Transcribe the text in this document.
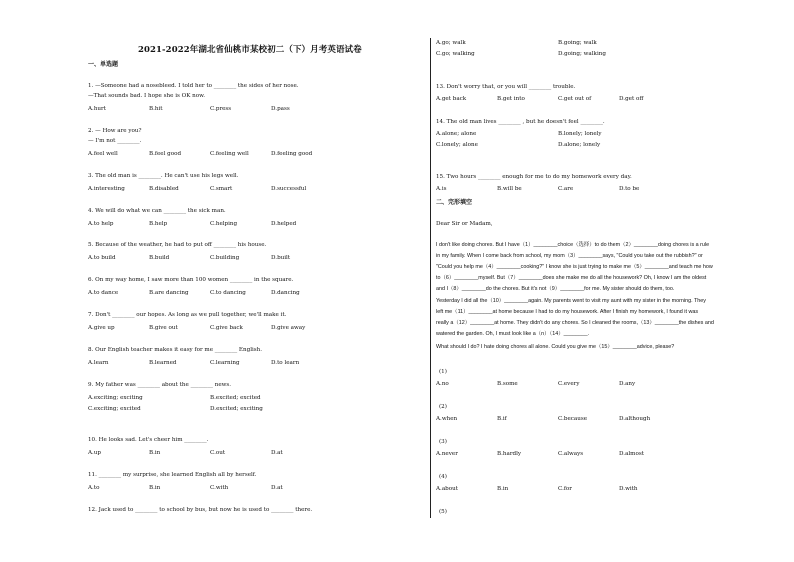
2021-2022年湖北省仙桃市某校初二（下）月考英语试卷
一、单选题
1. —Someone had a nosebleed. I told her to ________ the sides of her nose.
—That sounds bad. I hope she is OK now.
A.hurt	B.hit	C.press	D.pass
2. — How are you?
— I'm not ________.
A.feel well	B.feel good	C.feeling well	D.feeling good
3. The old man is ________. He can't use his legs well.
A.interesting	B.disabled	C.smart	D.successful
4. We will do what we can ________ the sick man.
A.to help	B.help	C.helping	D.helped
5. Because of the weather, he had to put off ________ his house.
A.to build	B.build	C.building	D.built
6. On my way home, I saw more than 100 women ________ in the square.
A.to dance	B.are dancing	C.to dancing	D.dancing
7. Don't ________ our hopes. As long as we pull together, we'll make it.
A.give up	B.give out	C.give back	D.give away
8. Our English teacher makes it easy for me ________ English.
A.learn	B.learned	C.learning	D.to learn
9. My father was ________ about the ________ news.
A.exciting; exciting	B.excited; excited
C.exciting; excited	D.excited; exciting
10. He looks sad. Let's cheer him ________.
A.up	B.in	C.out	D.at
11. ________ my surprise, she learned English all by herself.
A.to	B.in	C.with	D.at
12. Jack used to ________ to school by bus, but now he is used to ________ there.
A.go; walk	B.going; walk
C.go; walking	D.going; walking
13. Don't worry that, or you will ________ trouble.
A.get back	B.get into	C.get out of	D.get off
14. The old man lives ________ , but he doesn't feel ________.
A.alone; alone	B.lonely; lonely
C.lonely; alone	D.alone; lonely
15. Two hours ________ enough for me to do my homework every day.
A.is	B.will be	C.are	D.to be
二、完形填空
Dear Sir or Madam,
I don't like doing chores. But I have（1）________choice（选择）to do them（2）________doing chores is a rule
in my family. When I come back from school, my mom（3）________says, "Could you take out the rubbish?" or
"Could you help me（4）________cooking?" I know she is just trying to make me（5）________and teach me how
to（6）________myself. But（7）________does she make me do all the housework? Oh, I know I am the oldest
and I（8）________do the chores. But it's not（9）________for me. My sister should do them, too.
Yesterday I did all the（10）________again. My parents went to visit my aunt with my sister in the morning. They
left me（11）________at home because I had to do my housework. After I finish my homework, I found it was
really a（12）________at home. They didn't do any chores. So I cleaned the rooms,（13）________the dishes and
watered the garden. Oh, I must look like a（n）（14）________.
What should I do? I hate doing chores all alone. Could you give me（15）________advice, please?
(1)
A.no	B.some	C.every	D.any
(2)
A.when	B.if	C.because	D.although
(3)
A.never	B.hardly	C.always	D.almost
(4)
A.about	B.in	C.for	D.with
(5)
